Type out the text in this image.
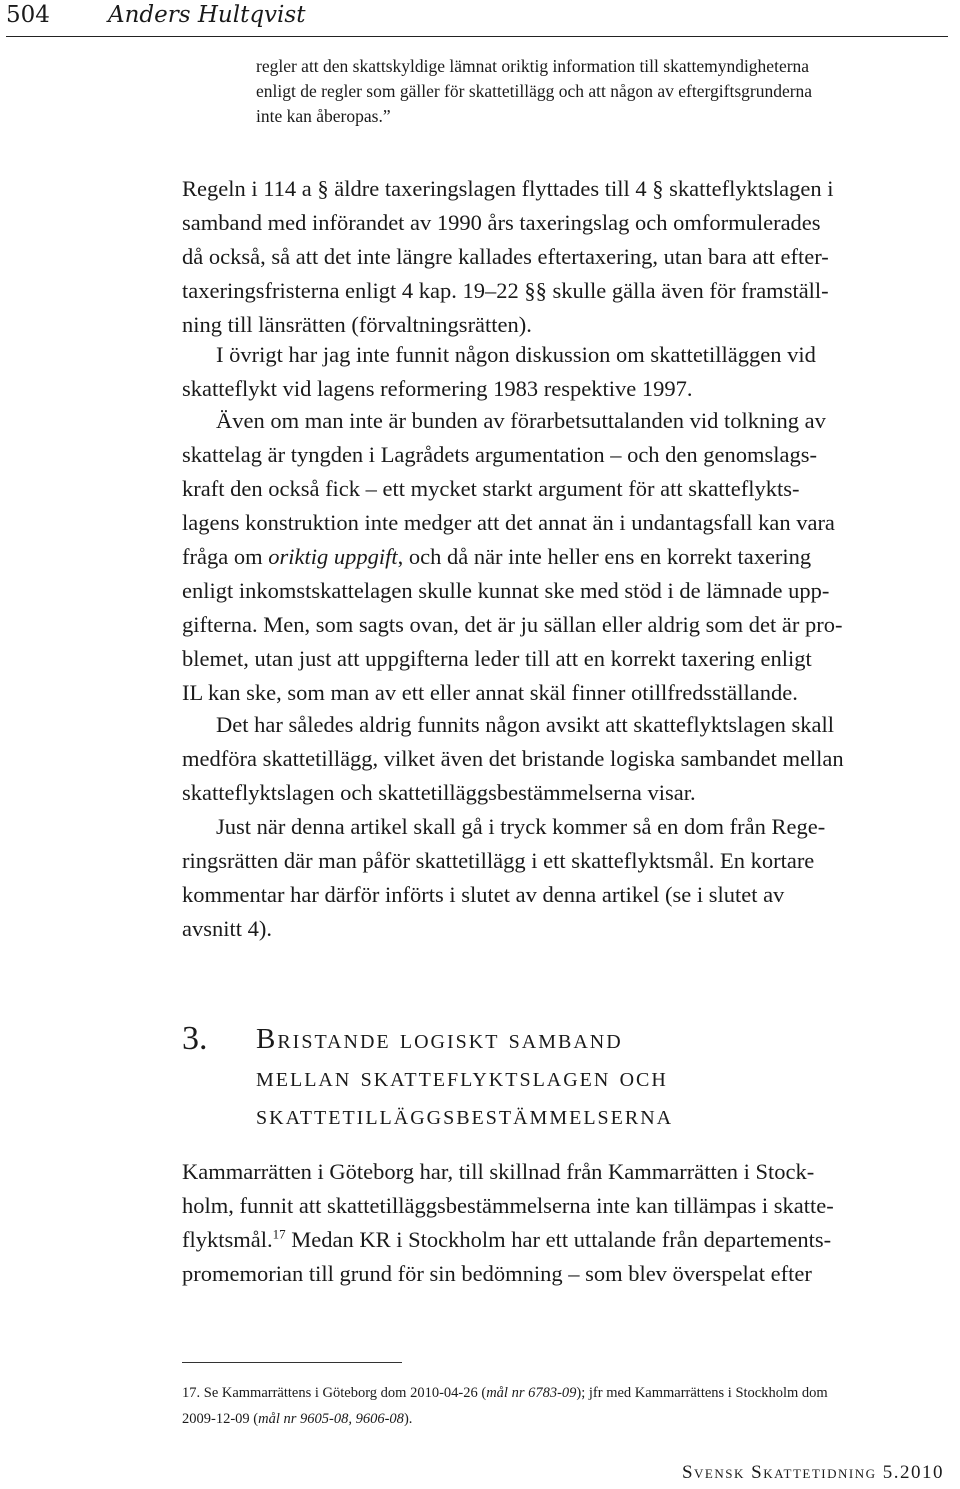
504	Anders Hultqvist
regler att den skattskyldige lämnat oriktig information till skattemyndigheterna
enligt de regler som gäller för skattetillägg och att någon av eftergiftsgrunderna
inte kan åberopas.”
Regeln i 114 a § äldre taxeringslagen flyttades till 4 § skatteflyktslagen i
samband med införandet av 1990 års taxeringslag och omformulerades
då också, så att det inte längre kallades eftertaxering, utan bara att efter-
taxeringsfristerna enligt 4 kap. 19–22 §§ skulle gälla även för framställ-
ning till länsrätten (förvaltningsrätten).
I övrigt har jag inte funnit någon diskussion om skattetilläggen vid
skatteflykt vid lagens reformering 1983 respektive 1997.
Även om man inte är bunden av förarbetsuttalanden vid tolkning av
skattelag är tyngden i Lagrådets argumentation – och den genomslags-
kraft den också fick – ett mycket starkt argument för att skatteflykts-
lagens konstruktion inte medger att det annat än i undantagsfall kan vara
fråga om oriktig uppgift, och då när inte heller ens en korrekt taxering
enligt inkomstskattelagen skulle kunnat ske med stöd i de lämnade upp-
gifterna. Men, som sagts ovan, det är ju sällan eller aldrig som det är pro-
blemet, utan just att uppgifterna leder till att en korrekt taxering enligt
IL kan ske, som man av ett eller annat skäl finner otillfredsställande.
Det har således aldrig funnits någon avsikt att skatteflyktslagen skall
medföra skattetillägg, vilket även det bristande logiska sambandet mellan
skatteflyktslagen och skattetilläggsbestämmelserna visar.
Just när denna artikel skall gå i tryck kommer så en dom från Rege-
ringsrätten där man påför skattetillägg i ett skatteflyktsmål. En kortare
kommentar har därför införts i slutet av denna artikel (se i slutet av
avsnitt 4).
3. Bristande logiskt samband
mellan skatteflyktslagen och
skattetilläggsbestämmelserna
Kammarrätten i Göteborg har, till skillnad från Kammarrätten i Stock-
holm, funnit att skattetilläggsbestämmelserna inte kan tillämpas i skatte-
flyktsmål.$^{17}$ Medan KR i Stockholm har ett uttalande från departements-
promemorian till grund för sin bedömning – som blev överspelat efter
17. Se Kammarrättens i Göteborg dom 2010-04-26 (mål nr 6783-09); jfr med Kammarrättens i Stockholm dom
2009-12-09 (mål nr 9605-08, 9606-08).
Svensk Skattetidning 5.2010
